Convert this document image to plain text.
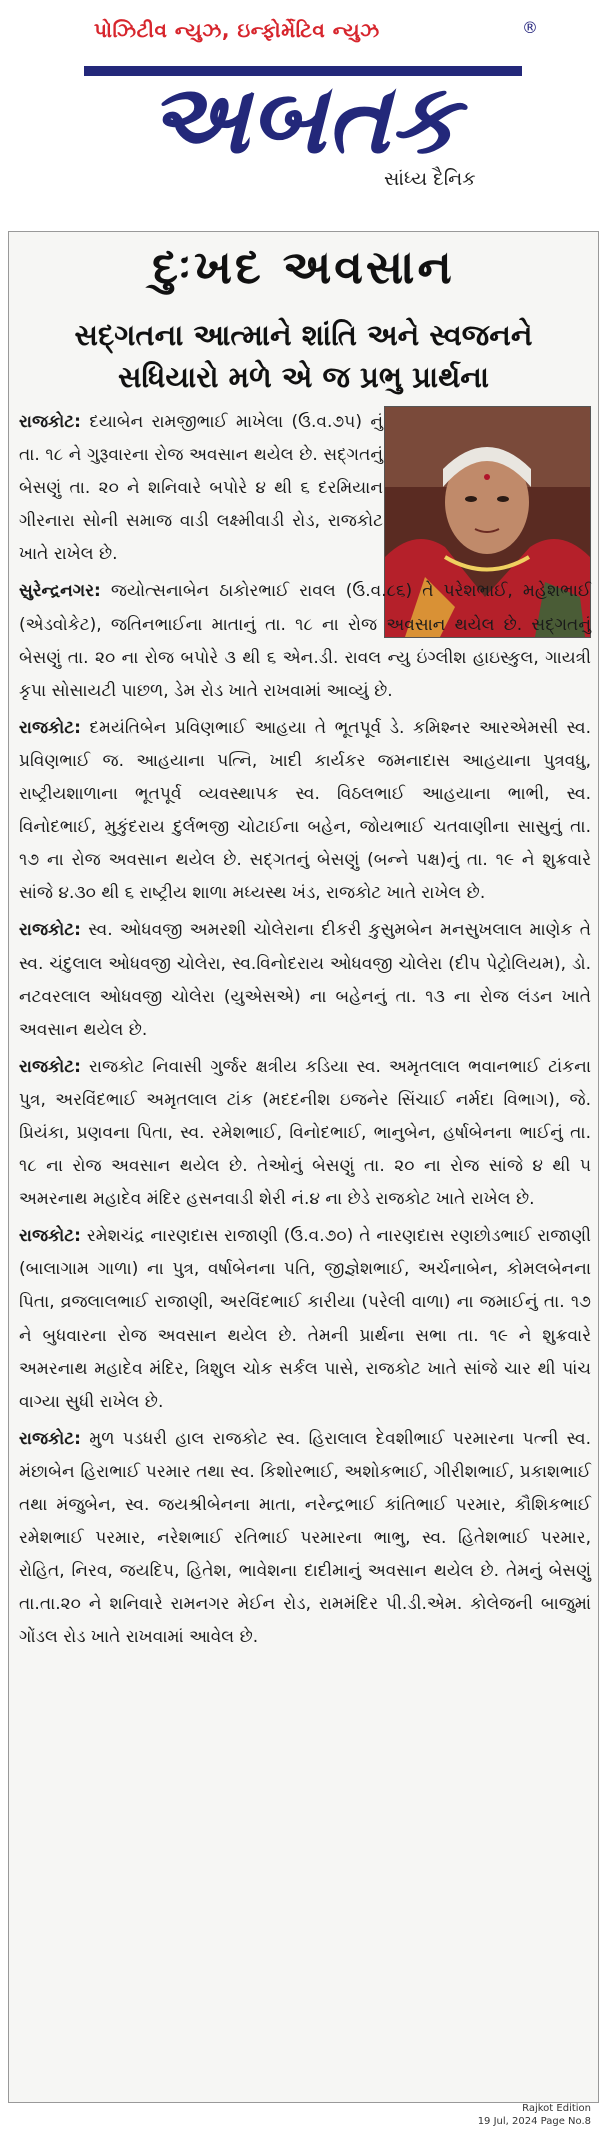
પોઝિટીવ ન્યુઝ, ઇન્ફોર્મેટિવ ન્યુઝ	®
અબતક
સાંધ્ય દૈનિક
દુઃખદ અવસાન
સદ્ગતના આત્માને શાંતિ અને સ્વજનને સધિયારો મળે એ જ પ્રભુ પ્રાર્થના

રાજકોટ: દયાબેન રામજીભાઈ માખેલા (ઉ.વ.૭૫) નું તા. ૧૮ ને ગુરૂવારના રોજ અવસાન થયેલ છે. સદ્ગતનું બેસણું તા. ૨૦ ને શનિવારે બપોરે ૪ થી ૬ દરમિયાન ગીરનારા સોની સમાજ વાડી લક્ષ્મીવાડી રોડ, રાજકોટ ખાતે રાખેલ છે.

સુરેન્દ્રનગર: જયોત્સનાબેન ઠાકોરભાઈ રાવલ (ઉ.વ.૮૬) તે પરેશભાઈ, મહેશભાઈ (એડવોકેટ), જતિનભાઈના માતાનું તા. ૧૮ ના રોજ અવસાન થયેલ છે. સદ્ગતનું બેસણું તા. ૨૦ ના રોજ બપોરે ૩ થી ૬ એન.ડી. રાવલ ન્યુ ઇંગ્લીશ હાઇસ્કુલ, ગાયત્રી કૃપા સોસાયટી પાછળ, ડેમ રોડ ખાતે રાખવામાં આવ્યું છે.

રાજકોટ: દમયંતિબેન પ્રવિણભાઈ આહયા તે ભૂતપૂર્વ ડે. કમિશ્નર આરએમસી સ્વ. પ્રવિણભાઈ જ. આહયાના પત્નિ, ખાદી કાર્યકર જમનાદાસ આહયાના પુત્રવધુ, રાષ્ટ્રીયશાળાના ભૂતપૂર્વ વ્યવસ્થાપક સ્વ. વિઠલભાઈ આહયાના ભાભી, સ્વ. વિનોદભાઈ, મુકુંદરાય દુર્લભજી ચોટાઈના બહેન, જોયભાઈ ચતવાણીના સાસુનું તા. ૧૭ ના રોજ અવસાન થયેલ છે. સદ્ગતનું બેસણું (બન્ને પક્ષ)નું તા. ૧૯ ને શુક્રવારે સાંજે ૪.૩૦ થી ૬ રાષ્ટ્રીય શાળા મધ્યસ્થ ખંડ, રાજકોટ ખાતે રાખેલ છે.

રાજકોટ: સ્વ. ઓધવજી અમરશી ચોલેરાના દીકરી કુસુમબેન મનસુખલાલ માણેક તે સ્વ. ચંદુલાલ ઓધવજી ચોલેરા, સ્વ.વિનોદરાય ઓધવજી ચોલેરા (દીપ પેટ્રોલિયમ), ડો. નટવરલાલ ઓધવજી ચોલેરા (યુએસએ) ના બહેનનું તા. ૧૩ ના રોજ લંડન ખાતે અવસાન થયેલ છે.

રાજકોટ: રાજકોટ નિવાસી ગુર્જર ક્ષત્રીય કડિયા સ્વ. અમૃતલાલ ભવાનભાઈ ટાંકના પુત્ર, અરવિંદભાઈ અમૃતલાલ ટાંક (મદદનીશ ઇજનેર સિંચાઈ નર્મદા વિભાગ), જે. પ્રિયંકા, પ્રણવના પિતા, સ્વ. રમેશભાઈ, વિનોદભાઈ, ભાનુબેન, હર્ષાબેનના ભાઈનું તા. ૧૮ ના રોજ અવસાન થયેલ છે. તેઓનું બેસણું તા. ૨૦ ના રોજ સાંજે ૪ થી ૫ અમરનાથ મહાદેવ મંદિર હસનવાડી શેરી નં.૪ ના છેડે રાજકોટ ખાતે રાખેલ છે.

રાજકોટ: રમેશચંદ્ર નારણદાસ રાજાણી (ઉ.વ.૭૦) તે નારણદાસ રણછોડભાઈ રાજાણી (બાલાગામ ગાળા) ના પુત્ર, વર્ષાબેનના પતિ, જીજ્ઞેશભાઈ, અર્ચનાબેન, કોમલબેનના પિતા, વ્રજલાલભાઈ રાજાણી, અરવિંદભાઈ કારીયા (પરેલી વાળા) ના જમાઈનું તા. ૧૭ ને બુધવારના રોજ અવસાન થયેલ છે. તેમની પ્રાર્થના સભા તા. ૧૯ ને શુક્રવારે અમરનાથ મહાદેવ મંદિર, ત્રિશુલ ચોક સર્કલ પાસે, રાજકોટ ખાતે સાંજે ચાર થી પાંચ વાગ્યા સુધી રાખેલ છે.

રાજકોટ: મુળ પડધરી હાલ રાજકોટ સ્વ. હિરાલાલ દેવશીભાઈ પરમારના પત્ની સ્વ. મંછાબેન હિરાભાઈ પરમાર તથા સ્વ. કિશોરભાઈ, અશોકભાઈ, ગીરીશભાઈ, પ્રકાશભાઈ તથા મંજુબેન, સ્વ. જયશ્રીબેનના માતા, નરેન્દ્રભાઈ કાંતિભાઈ પરમાર, કૌશિકભાઈ રમેશભાઈ પરમાર, નરેશભાઈ રતિભાઈ પરમારના ભાભુ, સ્વ. હિતેશભાઈ પરમાર, રોહિત, નિરવ, જયદિપ, હિતેશ, ભાવેશના દાદીમાનું અવસાન થયેલ છે. તેમનું બેસણું તા.તા.૨૦ ને શનિવારે રામનગર મેઈન રોડ, રામમંદિર પી.ડી.એમ. કોલેજની બાજુમાં ગોંડલ રોડ ખાતે રાખવામાં આવેલ છે.

Rajkot Edition
19 Jul, 2024 Page No.8
